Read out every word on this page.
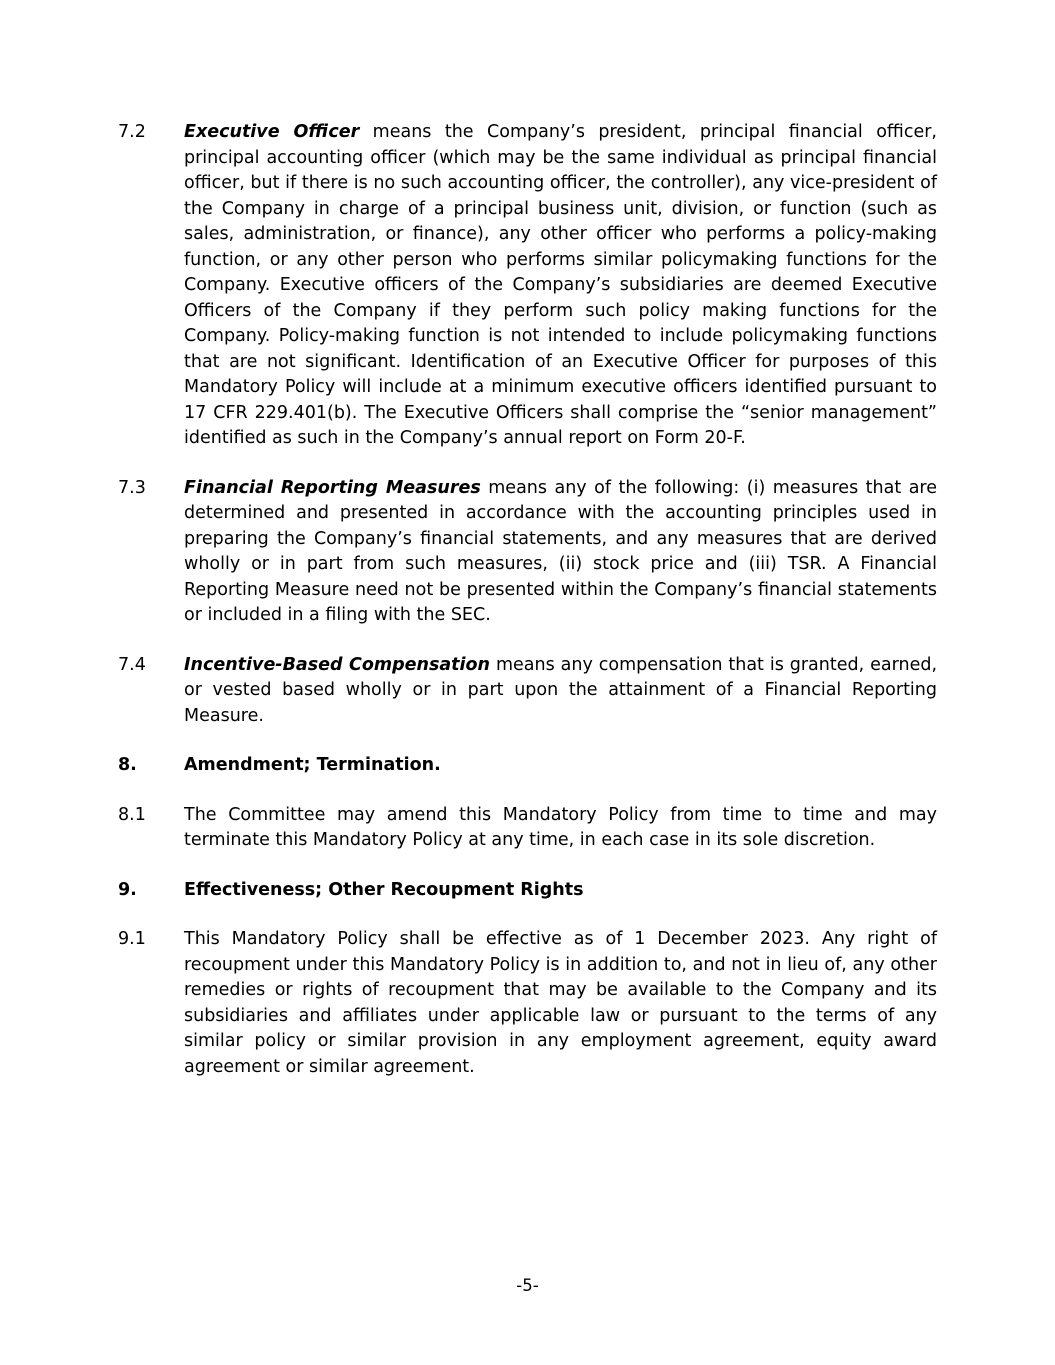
7.2	Executive Officer means the Company’s president, principal financial officer, principal accounting officer (which may be the same individual as principal financial officer, but if there is no such accounting officer, the controller), any vice-president of the Company in charge of a principal business unit, division, or function (such as sales, administration, or finance), any other officer who performs a policy-making function, or any other person who performs similar policymaking functions for the Company. Executive officers of the Company’s subsidiaries are deemed Executive Officers of the Company if they perform such policy making functions for the Company. Policy-making function is not intended to include policymaking functions that are not significant. Identification of an Executive Officer for purposes of this Mandatory Policy will include at a minimum executive officers identified pursuant to 17 CFR 229.401(b). The Executive Officers shall comprise the “senior management” identified as such in the Company’s annual report on Form 20-F.
7.3	Financial Reporting Measures means any of the following: (i) measures that are determined and presented in accordance with the accounting principles used in preparing the Company’s financial statements, and any measures that are derived wholly or in part from such measures, (ii) stock price and (iii) TSR. A Financial Reporting Measure need not be presented within the Company’s financial statements or included in a filing with the SEC.
7.4	Incentive-Based Compensation means any compensation that is granted, earned, or vested based wholly or in part upon the attainment of a Financial Reporting Measure.
8.	Amendment; Termination.
8.1	The Committee may amend this Mandatory Policy from time to time and may terminate this Mandatory Policy at any time, in each case in its sole discretion.
9.	Effectiveness; Other Recoupment Rights
9.1	This Mandatory Policy shall be effective as of 1 December 2023. Any right of recoupment under this Mandatory Policy is in addition to, and not in lieu of, any other remedies or rights of recoupment that may be available to the Company and its subsidiaries and affiliates under applicable law or pursuant to the terms of any similar policy or similar provision in any employment agreement, equity award agreement or similar agreement.
-5-
